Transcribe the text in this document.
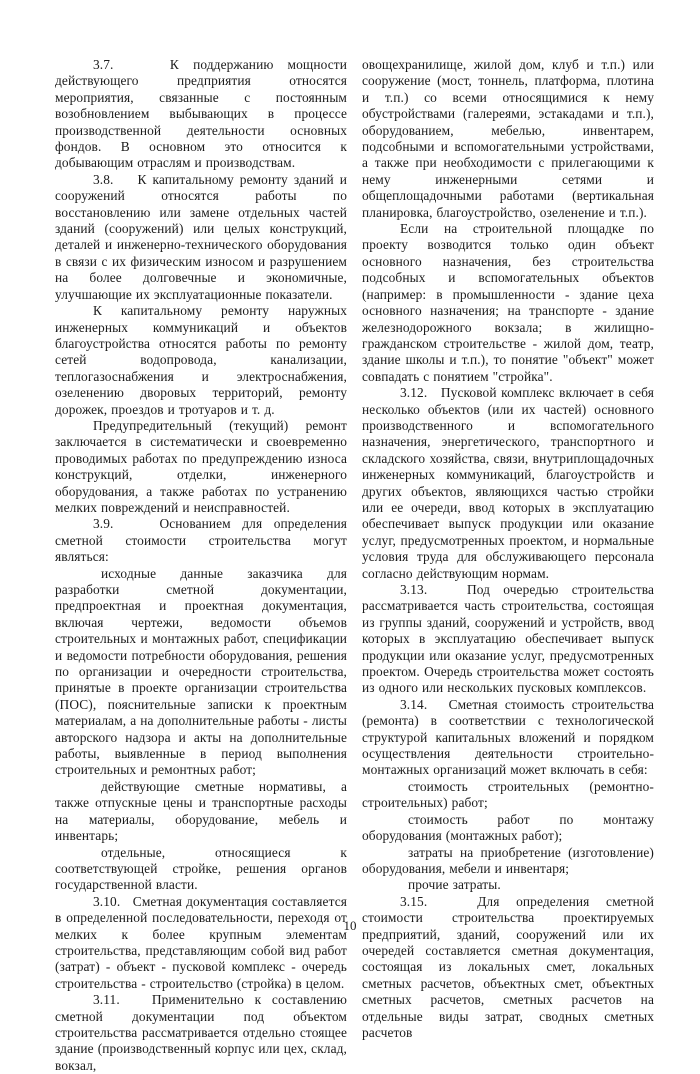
3.7.    К поддержанию мощности действующего предприятия относятся мероприятия, связанные с постоянным возобновлением выбывающих в процессе производственной деятельности основных фондов. В основном это относится к добывающим отраслям и производствам.

3.8.    К капитальному ремонту зданий и сооружений относятся работы по восстановлению или замене отдельных частей зданий (сооружений) или целых конструкций, деталей и инженерно-технического оборудования в связи с их физическим износом и разрушением на более долговечные и экономичные, улучшающие их эксплуатационные показатели.

К капитальному ремонту наружных инженерных коммуникаций и объектов благоустройства относятся работы по ремонту сетей водопровода, канализации, теплогазоснабжения и электроснабжения, озеленению дворовых территорий, ремонту дорожек, проездов и тротуаров и т. д.

Предупредительный (текущий) ремонт заключается в систематически и своевременно проводимых работах по предупреждению износа конструкций, отделки, инженерного оборудования, а также работах по устранению мелких повреждений и неисправностей.

3.9.    Основанием для определения сметной стоимости строительства могут являться:

исходные данные заказчика для разработки сметной документации, предпроектная и проектная документация, включая чертежи, ведомости объемов строительных и монтажных работ, спецификации и ведомости потребности оборудования, решения по организации и очередности строительства, принятые в проекте организации строительства (ПОС), пояснительные записки к проектным материалам, а на дополнительные работы - листы авторского надзора и акты на дополнительные работы, выявленные в период выполнения строительных и ремонтных работ;

действующие сметные нормативы, а также отпускные цены и транспортные расходы на материалы, оборудование, мебель и инвентарь;

отдельные, относящиеся к соответствующей стройке, решения органов государственной власти.

3.10.   Сметная документация составляется в определенной последовательности, переходя от мелких к более крупным элементам строительства, представляющим собой вид работ (затрат) - объект - пусковой комплекс - очередь строительства - строительство (стройка) в целом.

3.11.   Применительно к составлению сметной документации под объектом строительства рассматривается отдельно стоящее здание (производственный корпус или цех, склад, вокзал,

овощехранилище, жилой дом, клуб и т.п.) или сооружение (мост, тоннель, платформа, плотина и т.п.) со всеми относящимися к нему обустройствами (галереями, эстакадами и т.п.), оборудованием, мебелью, инвентарем, подсобными и вспомогательными устройствами, а также при необходимости с прилегающими к нему инженерными сетями и общеплощадочными работами (вертикальная планировка, благоустройство, озеленение и т.п.).

Если на строительной площадке по проекту возводится только один объект основного назначения, без строительства подсобных и вспомогательных объектов (например: в промышленности - здание цеха основного назначения; на транспорте - здание железнодорожного вокзала; в жилищно-гражданском строительстве - жилой дом, театр, здание школы и т.п.), то понятие "объект" может совпадать с понятием "стройка".

3.12.   Пусковой комплекс включает в себя несколько объектов (или их частей) основного производственного и вспомогательного назначения, энергетического, транспортного и складского хозяйства, связи, внутриплощадочных инженерных коммуникаций, благоустройств и других объектов, являющихся частью стройки или ее очереди, ввод которых в эксплуатацию обеспечивает выпуск продукции или оказание услуг, предусмотренных проектом, и нормальные условия труда для обслуживающего персонала согласно действующим нормам.

3.13.   Под очередью строительства рассматривается часть строительства, состоящая из группы зданий, сооружений и устройств, ввод которых в эксплуатацию обеспечивает выпуск продукции или оказание услуг, предусмотренных проектом. Очередь строительства может состоять из одного или нескольких пусковых комплексов.

3.14.   Сметная стоимость строительства (ремонта) в соответствии с технологической структурой капитальных вложений и порядком осуществления деятельности строительно-монтажных организаций может включать в себя:

стоимость строительных (ремонтно-строительных) работ;

стоимость работ по монтажу оборудования (монтажных работ);

затраты на приобретение (изготовление) оборудования, мебели и инвентаря;

прочие затраты.

3.15.   Для определения сметной стоимости строительства проектируемых предприятий, зданий, сооружений или их очередей составляется сметная документация, состоящая из локальных смет, локальных сметных расчетов, объектных смет, объектных сметных расчетов, сметных расчетов на отдельные виды затрат, сводных сметных расчетов

10
